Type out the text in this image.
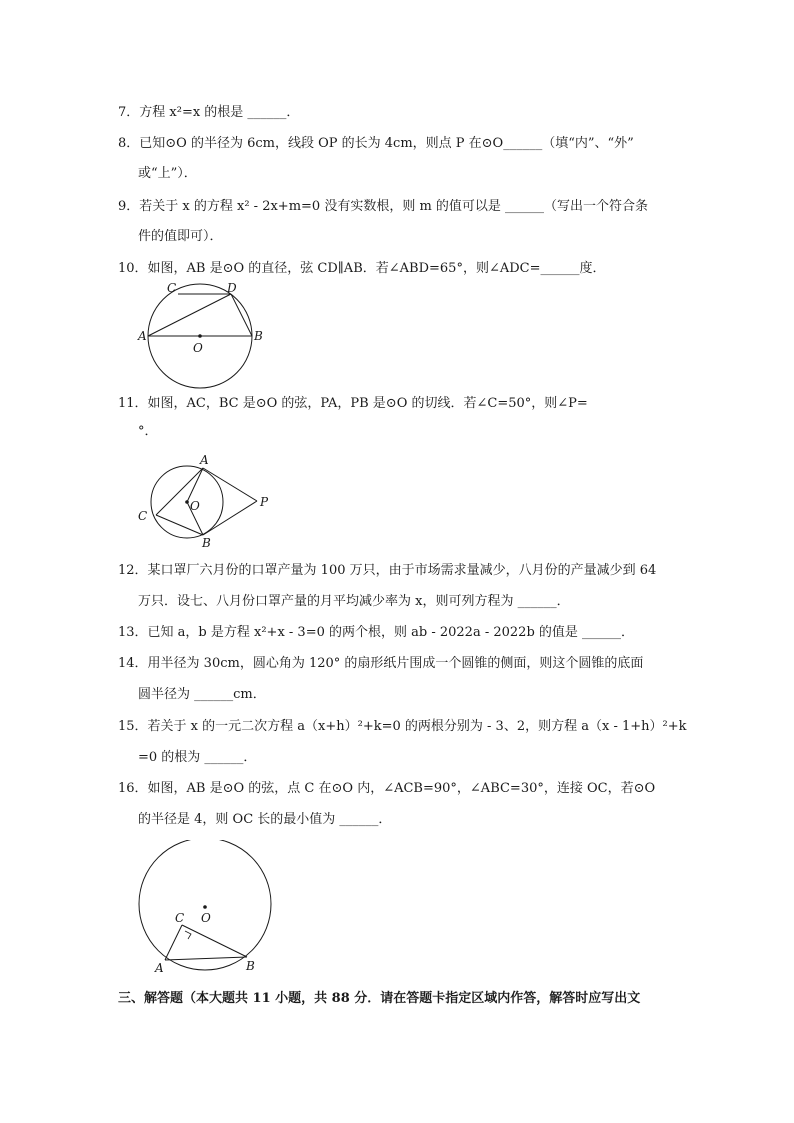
7．方程 x²=x 的根是 ______．
8．已知⊙O 的半径为 6cm，线段 OP 的长为 4cm，则点 P 在⊙O______（填“内”、“外”
或“上”）．
9．若关于 x 的方程 x² - 2x+m=0 没有实数根，则 m 的值可以是 ______（写出一个符合条
件的值即可）．
10．如图，AB 是⊙O 的直径，弦 CD∥AB．若∠ABD=65°，则∠ADC=______度．
C	D
A
O
B
11．如图，AC，BC 是⊙O 的弦，PA，PB 是⊙O 的切线．若∠C=50°，则∠P=
°．
A
O	P
C
B
12．某口罩厂六月份的口罩产量为 100 万只，由于市场需求量减少，八月份的产量减少到 64
万只．设七、八月份口罩产量的月平均减少率为 x，则可列方程为 ______．
13．已知 a，b 是方程 x²+x - 3=0 的两个根，则 ab - 2022a - 2022b 的值是 ______．
14．用半径为 30cm，圆心角为 120° 的扇形纸片围成一个圆锥的侧面，则这个圆锥的底面
圆半径为 ______cm．
15．若关于 x 的一元二次方程 a（x+h）²+k=0 的两根分别为 - 3、2，则方程 a（x - 1+h）²+k
=0 的根为 ______．
16．如图，AB 是⊙O 的弦，点 C 在⊙O 内，∠ACB=90°，∠ABC=30°，连接 OC，若⊙O
的半径是 4，则 OC 长的最小值为 ______．
O
C
A	B
三、解答题（本大题共 11 小题，共 88 分．请在答题卡指定区域内作答，解答时应写出文
